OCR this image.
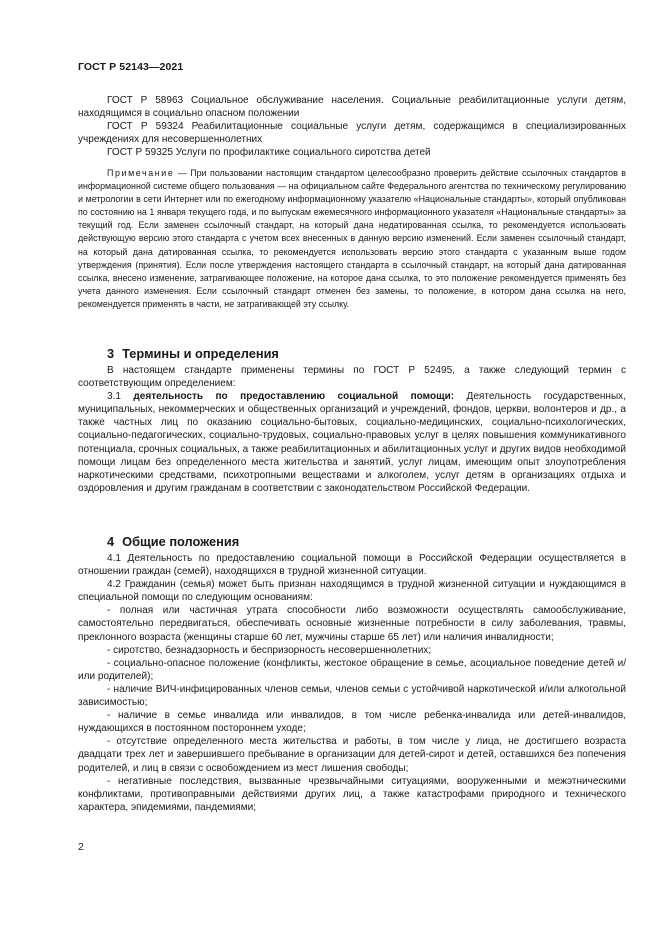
ГОСТ Р 52143—2021

ГОСТ Р 58963 Социальное обслуживание населения. Социальные реабилитационные услуги детям, находящимся в социально опасном положении

ГОСТ Р 59324 Реабилитационные социальные услуги детям, содержащимся в специализированных учреждениях для несовершеннолетних

ГОСТ Р 59325 Услуги по профилактике социального сиротства детей

Примечание — При пользовании настоящим стандартом целесообразно проверить действие ссылочных стандартов в информационной системе общего пользования — на официальном сайте Федерального агентства по техническому регулированию и метрологии в сети Интернет или по ежегодному информационному указателю «Национальные стандарты», который опубликован по состоянию на 1 января текущего года, и по выпускам ежемесячного информационного указателя «Национальные стандарты» за текущий год. Если заменен ссылочный стандарт, на который дана недатированная ссылка, то рекомендуется использовать действующую версию этого стандарта с учетом всех внесенных в данную версию изменений. Если заменен ссылочный стандарт, на который дана датированная ссылка, то рекомендуется использовать версию этого стандарта с указанным выше годом утверждения (принятия). Если после утверждения настоящего стандарта в ссылочный стандарт, на который дана датированная ссылка, внесено изменение, затрагивающее положение, на которое дана ссылка, то это положение рекомендуется применять без учета данного изменения. Если ссылочный стандарт отменен без замены, то положение, в котором дана ссылка на него, рекомендуется применять в части, не затрагивающей эту ссылку.

3 Термины и определения

В настоящем стандарте применены термины по ГОСТ Р 52495, а также следующий термин с соответствующим определением:

3.1 деятельность по предоставлению социальной помощи: Деятельность государственных, муниципальных, некоммерческих и общественных организаций и учреждений, фондов, церкви, волонтеров и др., а также частных лиц по оказанию социально-бытовых, социально-медицинских, социально-психологических, социально-педагогических, социально-трудовых, социально-правовых услуг в целях повышения коммуникативного потенциала, срочных социальных, а также реабилитационных и абилитационных услуг и других видов необходимой помощи лицам без определенного места жительства и занятий, услуг лицам, имеющим опыт злоупотребления наркотическими средствами, психотропными веществами и алкоголем, услуг детям в организациях отдыха и оздоровления и другим гражданам в соответствии с законодательством Российской Федерации.

4 Общие положения

4.1 Деятельность по предоставлению социальной помощи в Российской Федерации осуществляется в отношении граждан (семей), находящихся в трудной жизненной ситуации.

4.2 Гражданин (семья) может быть признан находящимся в трудной жизненной ситуации и нуждающимся в специальной помощи по следующим основаниям:

- полная или частичная утрата способности либо возможности осуществлять самообслуживание, самостоятельно передвигаться, обеспечивать основные жизненные потребности в силу заболевания, травмы, преклонного возраста (женщины старше 60 лет, мужчины старше 65 лет) или наличия инвалидности;

- сиротство, безнадзорность и беспризорность несовершеннолетних;

- социально-опасное положение (конфликты, жестокое обращение в семье, асоциальное поведение детей и/или родителей);

- наличие ВИЧ-инфицированных членов семьи, членов семьи с устойчивой наркотической и/или алкогольной зависимостью;

- наличие в семье инвалида или инвалидов, в том числе ребенка-инвалида или детей-инвалидов, нуждающихся в постоянном постороннем уходе;

- отсутствие определенного места жительства и работы, в том числе у лица, не достигшего возраста двадцати трех лет и завершившего пребывание в организации для детей-сирот и детей, оставшихся без попечения родителей, и лиц в связи с освобождением из мест лишения свободы;

- негативные последствия, вызванные чрезвычайными ситуациями, вооруженными и межэтническими конфликтами, противоправными действиями других лиц, а также катастрофами природного и технического характера, эпидемиями, пандемиями;

2
